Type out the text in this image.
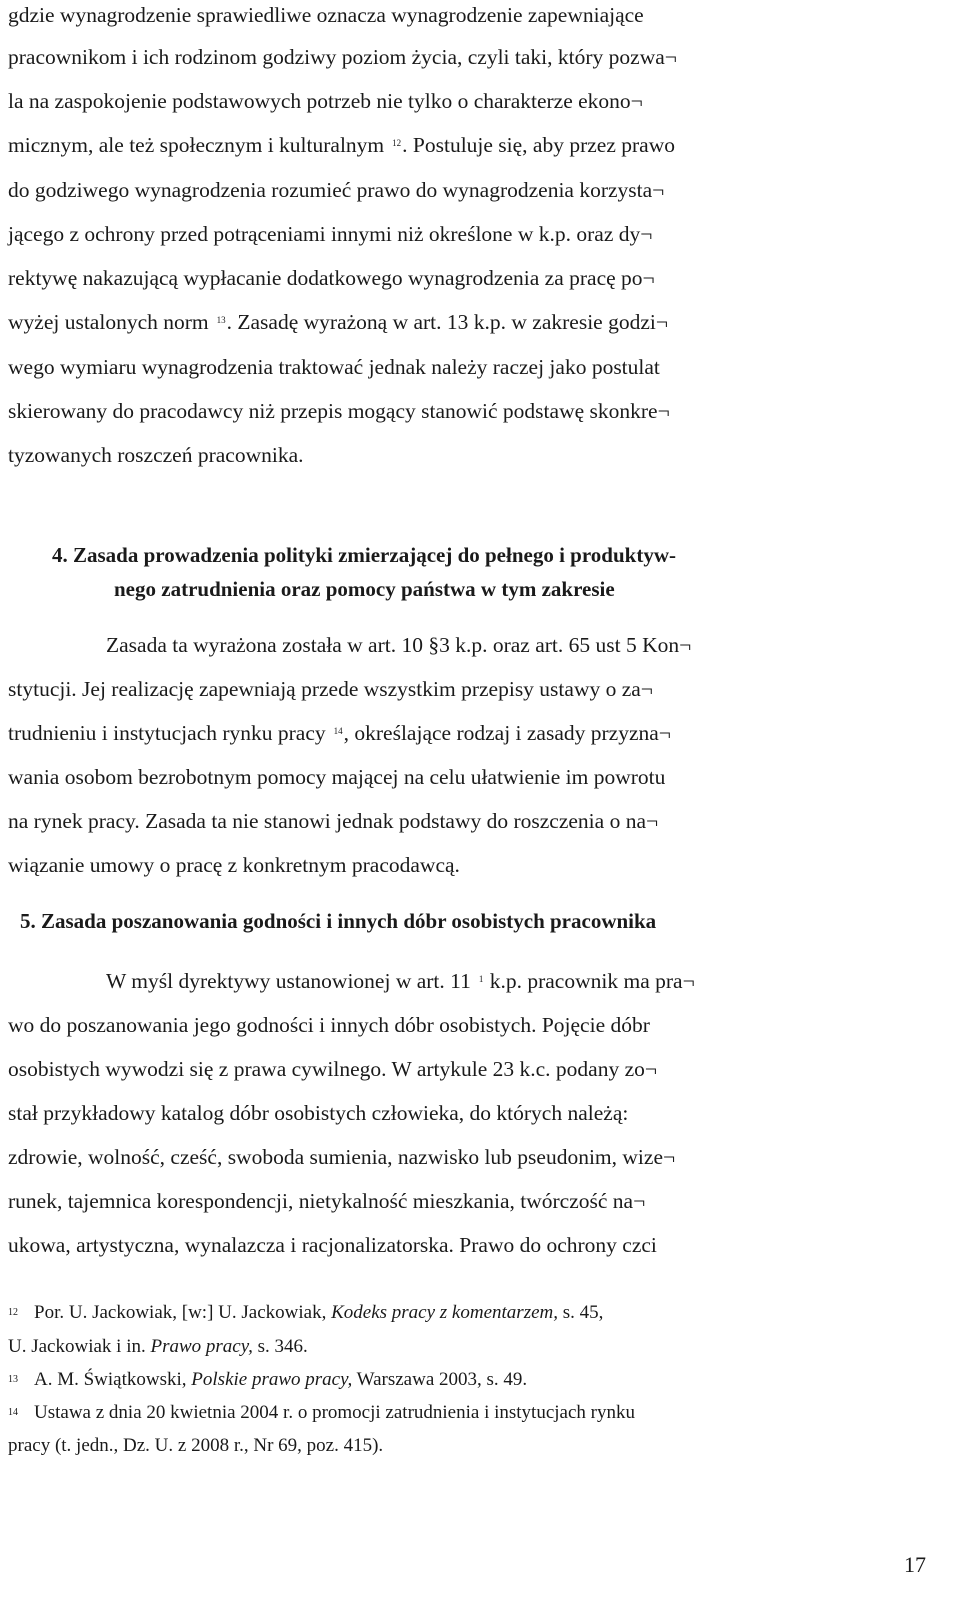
gdzie wynagrodzenie sprawiedliwe oznacza wynagrodzenie zapewniające
pracownikom i ich rodzinom godziwy poziom życia, czyli taki, który pozwa¬
la na zaspokojenie podstawowych potrzeb nie tylko o charakterze ekono¬
micznym, ale też społecznym i kulturalnym $^{12}$. Postuluje się, aby przez prawo
do godziwego wynagrodzenia rozumieć prawo do wynagrodzenia korzysta¬
jącego z ochrony przed potrąceniami innymi niż określone w k.p. oraz dy¬
rektywę nakazującą wypłacanie dodatkowego wynagrodzenia za pracę po¬
wyżej ustalonych norm $^{13}$. Zasadę wyrażoną w art. 13 k.p. w zakresie godzi¬
wego wymiaru wynagrodzenia traktować jednak należy raczej jako postulat
skierowany do pracodawcy niż przepis mogący stanowić podstawę skonkre¬
tyzowanych roszczeń pracownika.
4. Zasada prowadzenia polityki zmierzającej do pełnego i produktyw-
nego zatrudnienia oraz pomocy państwa w tym zakresie
Zasada ta wyrażona została w art. 10 §3 k.p. oraz art. 65 ust 5 Kon¬
stytucji. Jej realizację zapewniają przede wszystkim przepisy ustawy o za¬
trudnieniu i instytucjach rynku pracy $^{14}$, określające rodzaj i zasady przyzna¬
wania osobom bezrobotnym pomocy mającej na celu ułatwienie im powrotu
na rynek pracy. Zasada ta nie stanowi jednak podstawy do roszczenia o na¬
wiązanie umowy o pracę z konkretnym pracodawcą.
5. Zasada poszanowania godności i innych dóbr osobistych pracownika
W myśl dyrektywy ustanowionej w art. 11 $^1$ k.p. pracownik ma pra¬
wo do poszanowania jego godności i innych dóbr osobistych. Pojęcie dóbr
osobistych wywodzi się z prawa cywilnego. W artykule 23 k.c. podany zo¬
stał przykładowy katalog dóbr osobistych człowieka, do których należą:
zdrowie, wolność, cześć, swoboda sumienia, nazwisko lub pseudonim, wize¬
runek, tajemnica korespondencji, nietykalność mieszkania, twórczość na¬
ukowa, artystyczna, wynalazcza i racjonalizatorska. Prawo do ochrony czci
$^{12}$ Por. U. Jackowiak, [w:] U. Jackowiak, Kodeks pracy z komentarzem, s. 45,
U. Jackowiak i in. Prawo pracy, s. 346.
$^{13}$ A. M. Świątkowski, Polskie prawo pracy, Warszawa 2003, s. 49.
$^{14}$ Ustawa z dnia 20 kwietnia 2004 r. o promocji zatrudnienia i instytucjach rynku
pracy (t. jedn., Dz. U. z 2008 r., Nr 69, poz. 415).
17
